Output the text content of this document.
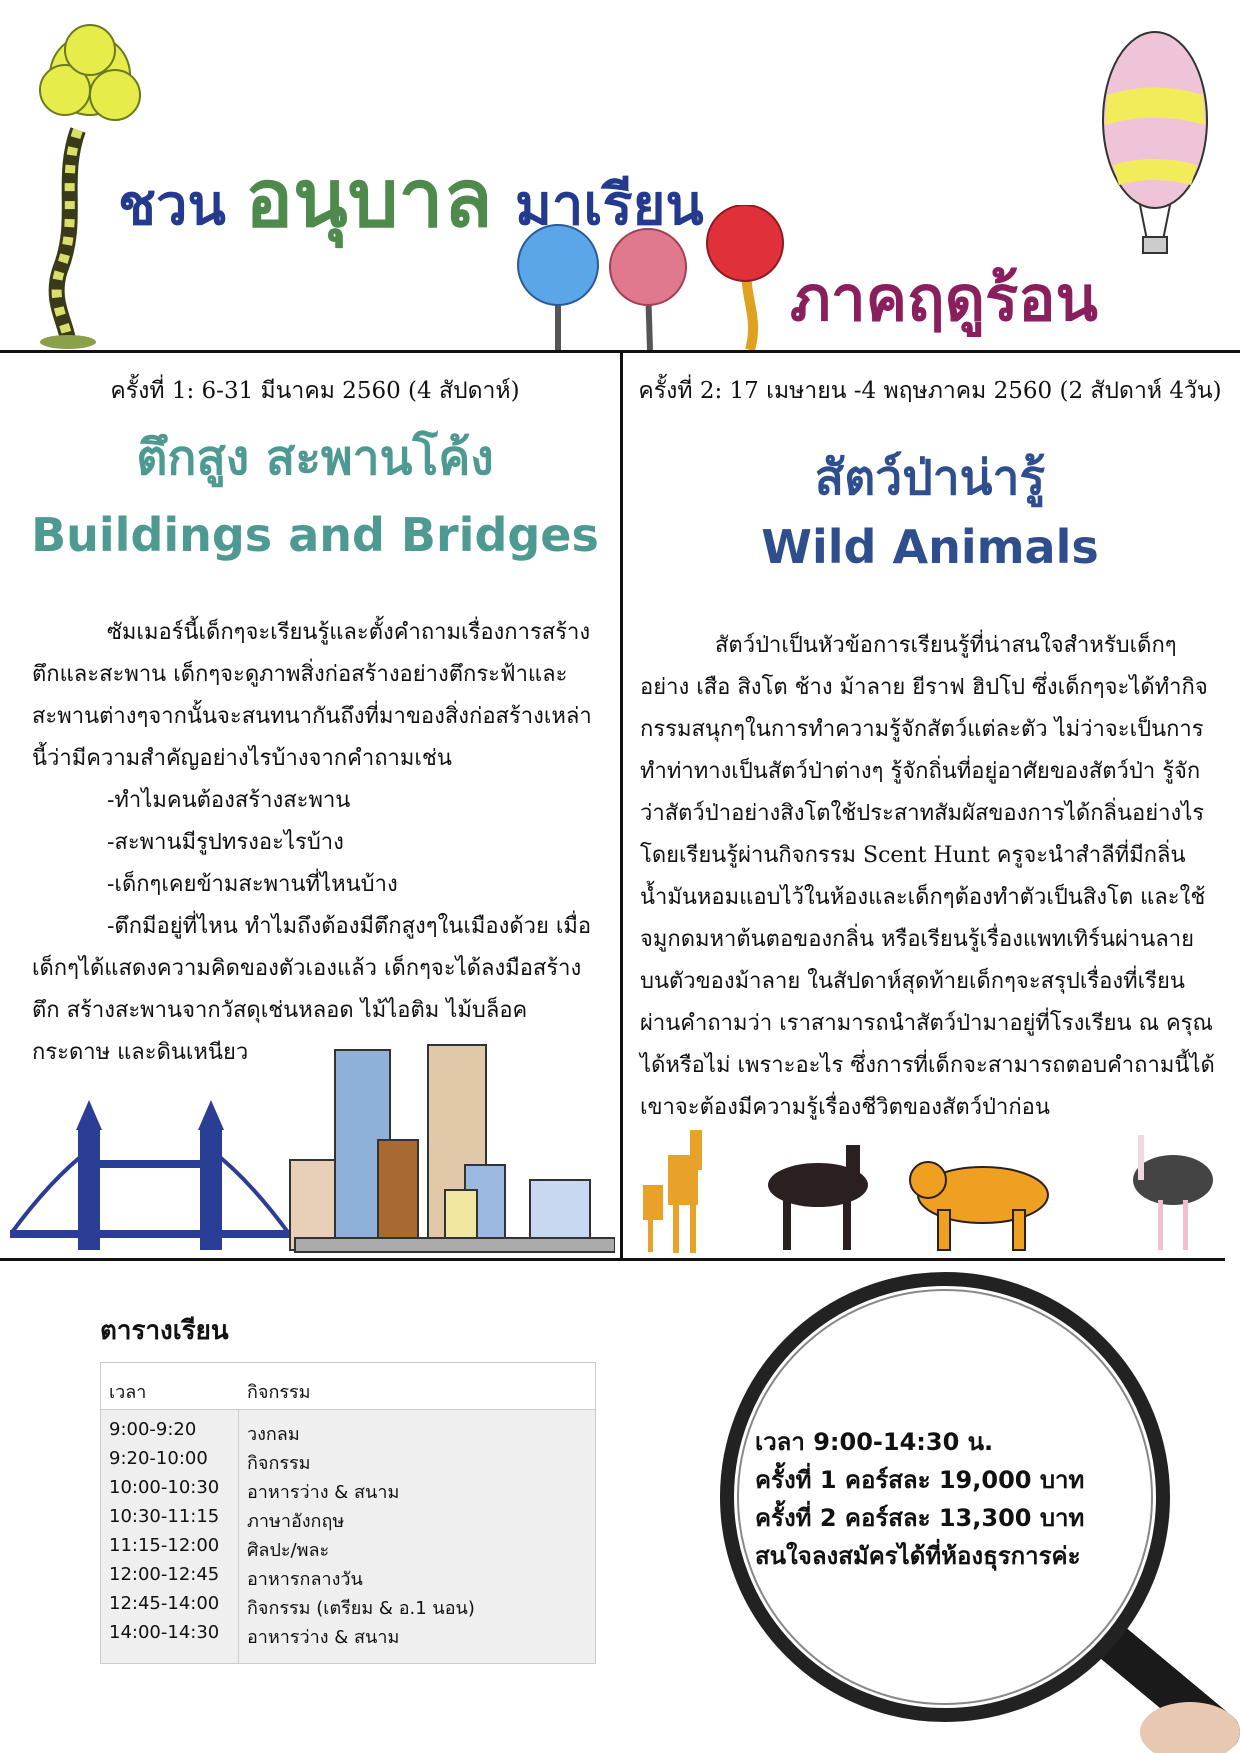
ชวน อนุบาล มาเรียน
ภาคฤดูร้อน
ครั้งที่ 1: 6-31 มีนาคม 2560 (4 สัปดาห์)
ตึกสูง สะพานโค้ง
Buildings and Bridges

ซัมเมอร์นี้เด็กๆจะเรียนรู้และตั้งคำถามเรื่องการสร้างตึกและสะพาน เด็กๆจะดูภาพสิ่งก่อสร้างอย่างตึกระฟ้าและสะพานต่างๆจากนั้นจะสนทนากันถึงที่มาของสิ่งก่อสร้างเหล่านี้ว่ามีความสำคัญอย่างไรบ้างจากคำถามเช่น

-ทำไมคนต้องสร้างสะพาน

-สะพานมีรูปทรงอะไรบ้าง

-เด็กๆเคยข้ามสะพานที่ไหนบ้าง

-ตึกมีอยู่ที่ไหน ทำไมถึงต้องมีตึกสูงๆในเมืองด้วย เมื่อเด็กๆได้แสดงความคิดของตัวเองแล้ว เด็กๆจะได้ลงมือสร้างตึก สร้างสะพานจากวัสดุเช่นหลอด ไม้ไอติม ไม้บล็อค กระดาษ และดินเหนียว

ครั้งที่ 2: 17 เมษายน -4 พฤษภาคม 2560 (2 สัปดาห์ 4วัน)
สัตว์ป่าน่ารู้
Wild Animals

สัตว์ป่าเป็นหัวข้อการเรียนรู้ที่น่าสนใจสำหรับเด็กๆ อย่าง เสือ สิงโต ช้าง ม้าลาย ยีราฟ ฮิปโป ซึ่งเด็กๆจะได้ทำกิจกรรมสนุกๆในการทำความรู้จักสัตว์แต่ละตัว ไม่ว่าจะเป็นการทำท่าทางเป็นสัตว์ป่าต่างๆ รู้จักถิ่นที่อยู่อาศัยของสัตว์ป่า รู้จักว่าสัตว์ป่าอย่างสิงโตใช้ประสาทสัมผัสของการได้กลิ่นอย่างไร โดยเรียนรู้ผ่านกิจกรรม Scent Hunt ครูจะนำสำลีที่มีกลิ่นน้ำมันหอมแอบไว้ในห้องและเด็กๆต้องทำตัวเป็นสิงโต และใช้จมูกดมหาต้นตอของกลิ่น หรือเรียนรู้เรื่องแพทเทิร์นผ่านลายบนตัวของม้าลาย ในสัปดาห์สุดท้ายเด็กๆจะสรุปเรื่องที่เรียนผ่านคำถามว่า เราสามารถนำสัตว์ป่ามาอยู่ที่โรงเรียน ณ ครุณ ได้หรือไม่ เพราะอะไร ซึ่งการที่เด็กจะสามารถตอบคำถามนี้ได้ เขาจะต้องมีความรู้เรื่องชีวิตของสัตว์ป่าก่อน

ตารางเรียน
เวลา	กิจกรรม
9:00-9:20	วงกลม
9:20-10:00 กิจกรรม
10:00-10:30 อาหารว่าง & สนาม
10:30-11:15 ภาษาอังกฤษ
11:15-12:00 ศิลปะ/พละ
12:00-12:45 อาหารกลางวัน
12:45-14:00 กิจกรรม (เตรียม & อ.1 นอน)
14:00-14:30 อาหารว่าง & สนาม
เวลา 9:00-14:30 น.
ครั้งที่ 1 คอร์สละ 19,000 บาท
ครั้งที่ 2 คอร์สละ 13,300 บาท
สนใจลงสมัครได้ที่ห้องธุรการค่ะ
